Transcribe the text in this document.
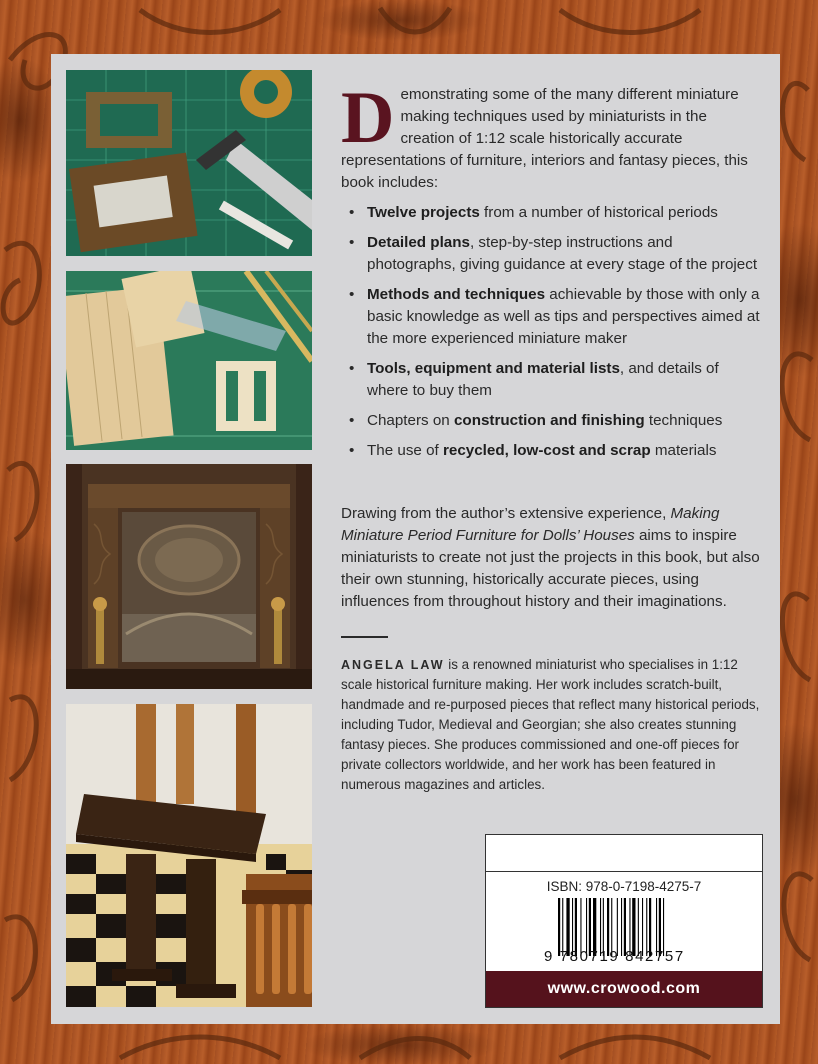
Demonstrating some of the many different miniature making techniques used by miniaturists in the creation of 1:12 scale historically accurate representations of furniture, interiors and fantasy pieces, this book includes:

• Twelve projects from a number of historical periods
• Detailed plans, step-by-step instructions and photographs, giving guidance at every stage of the project
• Methods and techniques achievable by those with only a basic knowledge as well as tips and perspectives aimed at the more experienced miniature maker
• Tools, equipment and material lists, and details of where to buy them
• Chapters on construction and finishing techniques
• The use of recycled, low-cost and scrap materials

Drawing from the author’s extensive experience, Making Miniature Period Furniture for Dolls’ Houses aims to inspire miniaturists to create not just the projects in this book, but also their own stunning, historically accurate pieces, using influences from throughout history and their imaginations.

ANGELA LAW is a renowned miniaturist who specialises in 1:12 scale historical furniture making. Her work includes scratch-built, handmade and re-purposed pieces that reflect many historical periods, including Tudor, Medieval and Georgian; she also creates stunning fantasy pieces. She produces commissioned and one-off pieces for private collectors worldwide, and her work has been featured in numerous magazines and articles.

ISBN: 978-0-7198-4275-7
9 780719 842757
www.crowood.com
